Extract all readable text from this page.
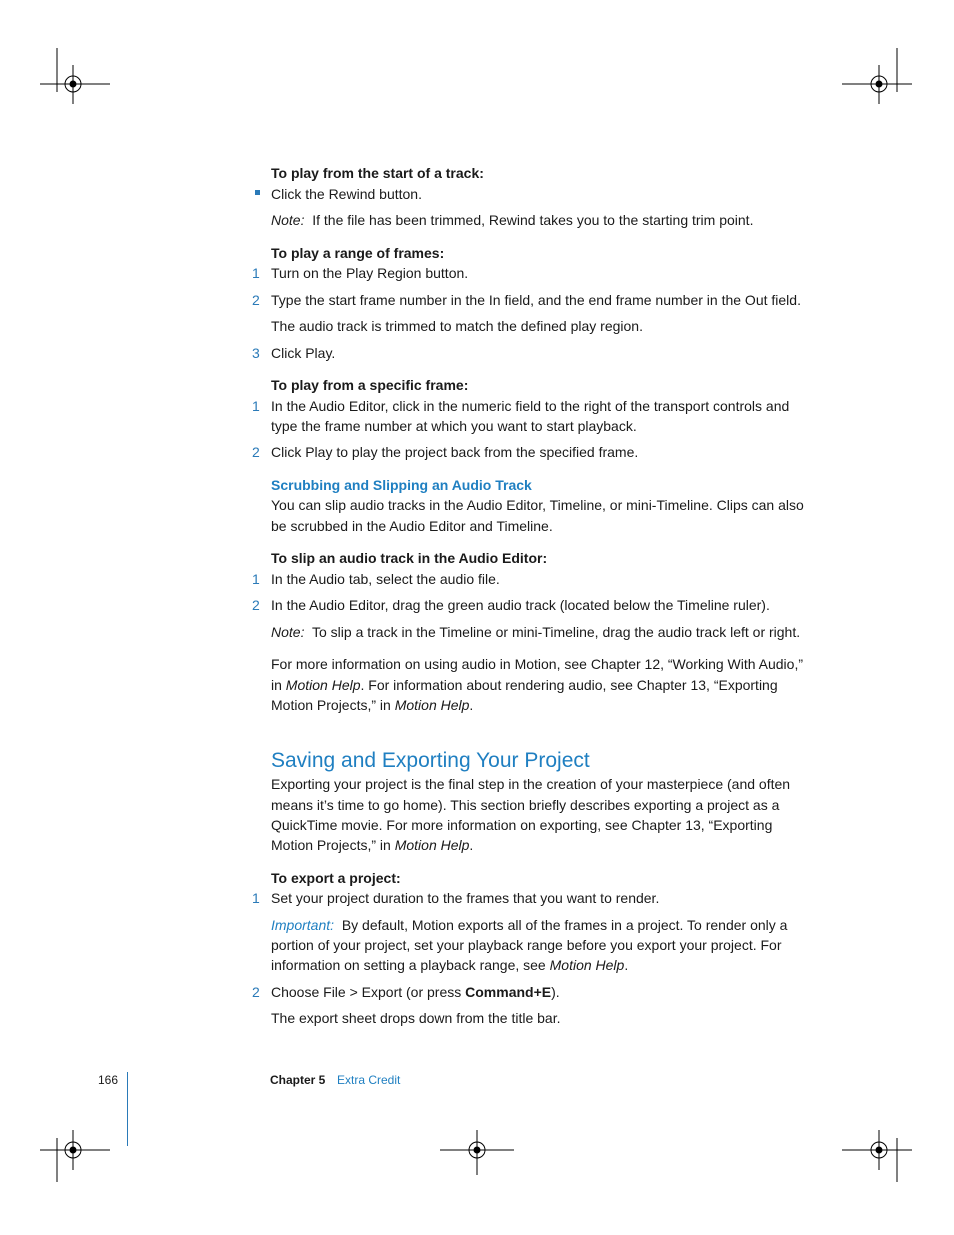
To play from the start of a track:
Click the Rewind button.
Note: If the file has been trimmed, Rewind takes you to the starting trim point.
To play a range of frames:
1 Turn on the Play Region button.
2 Type the start frame number in the In field, and the end frame number in the Out field.
The audio track is trimmed to match the defined play region.
3 Click Play.
To play from a specific frame:
1 In the Audio Editor, click in the numeric field to the right of the transport controls and
type the frame number at which you want to start playback.
2 Click Play to play the project back from the specified frame.
Scrubbing and Slipping an Audio Track
You can slip audio tracks in the Audio Editor, Timeline, or mini-Timeline. Clips can also
be scrubbed in the Audio Editor and Timeline.
To slip an audio track in the Audio Editor:
1 In the Audio tab, select the audio file.
2 In the Audio Editor, drag the green audio track (located below the Timeline ruler).
Note: To slip a track in the Timeline or mini-Timeline, drag the audio track left or right.
For more information on using audio in Motion, see Chapter 12, “Working With Audio,”
in Motion Help. For information about rendering audio, see Chapter 13, “Exporting
Motion Projects,” in Motion Help.
Saving and Exporting Your Project
Exporting your project is the final step in the creation of your masterpiece (and often
means it’s time to go home). This section briefly describes exporting a project as a
QuickTime movie. For more information on exporting, see Chapter 13, “Exporting
Motion Projects,” in Motion Help.
To export a project:
1 Set your project duration to the frames that you want to render.
Important: By default, Motion exports all of the frames in a project. To render only a
portion of your project, set your playback range before you export your project. For
information on setting a playback range, see Motion Help.
2 Choose File > Export (or press Command+E).
The export sheet drops down from the title bar.
166	Chapter 5 Extra Credit
